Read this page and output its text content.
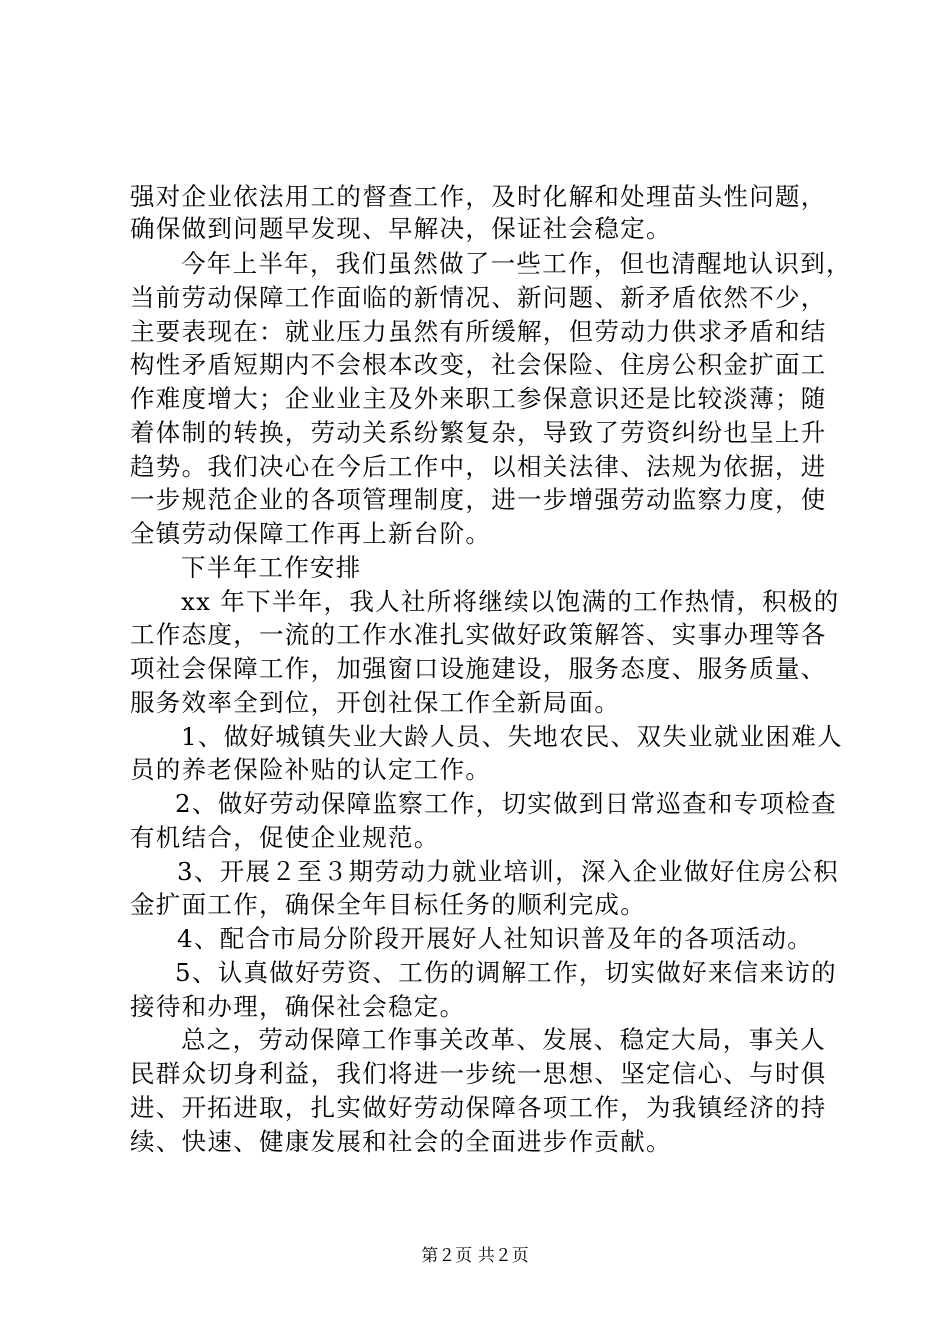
强对企业依法用工的督查工作，及时化解和处理苗头性问题，
确保做到问题早发现、早解决，保证社会稳定。
今年上半年，我们虽然做了一些工作，但也清醒地认识到，
当前劳动保障工作面临的新情况、新问题、新矛盾依然不少，
主要表现在：就业压力虽然有所缓解，但劳动力供求矛盾和结
构性矛盾短期内不会根本改变，社会保险、住房公积金扩面工
作难度增大；企业业主及外来职工参保意识还是比较淡薄；随
着体制的转换，劳动关系纷繁复杂，导致了劳资纠纷也呈上升
趋势。我们决心在今后工作中，以相关法律、法规为依据，进
一步规范企业的各项管理制度，进一步增强劳动监察力度，使
全镇劳动保障工作再上新台阶。
下半年工作安排
xx 年下半年，我人社所将继续以饱满的工作热情，积极的
工作态度，一流的工作水准扎实做好政策解答、实事办理等各
项社会保障工作，加强窗口设施建设，服务态度、服务质量、
服务效率全到位，开创社保工作全新局面。
1、做好城镇失业大龄人员、失地农民、双失业就业困难人
员的养老保险补贴的认定工作。
2、做好劳动保障监察工作，切实做到日常巡查和专项检查
有机结合，促使企业规范。
3、开展２至３期劳动力就业培训，深入企业做好住房公积
金扩面工作，确保全年目标任务的顺利完成。
4、配合市局分阶段开展好人社知识普及年的各项活动。
5、认真做好劳资、工伤的调解工作，切实做好来信来访的
接待和办理，确保社会稳定。
总之，劳动保障工作事关改革、发展、稳定大局，事关人
民群众切身利益，我们将进一步统一思想、坚定信心、与时俱
进、开拓进取，扎实做好劳动保障各项工作，为我镇经济的持
续、快速、健康发展和社会的全面进步作贡献。
第２页 共２页
